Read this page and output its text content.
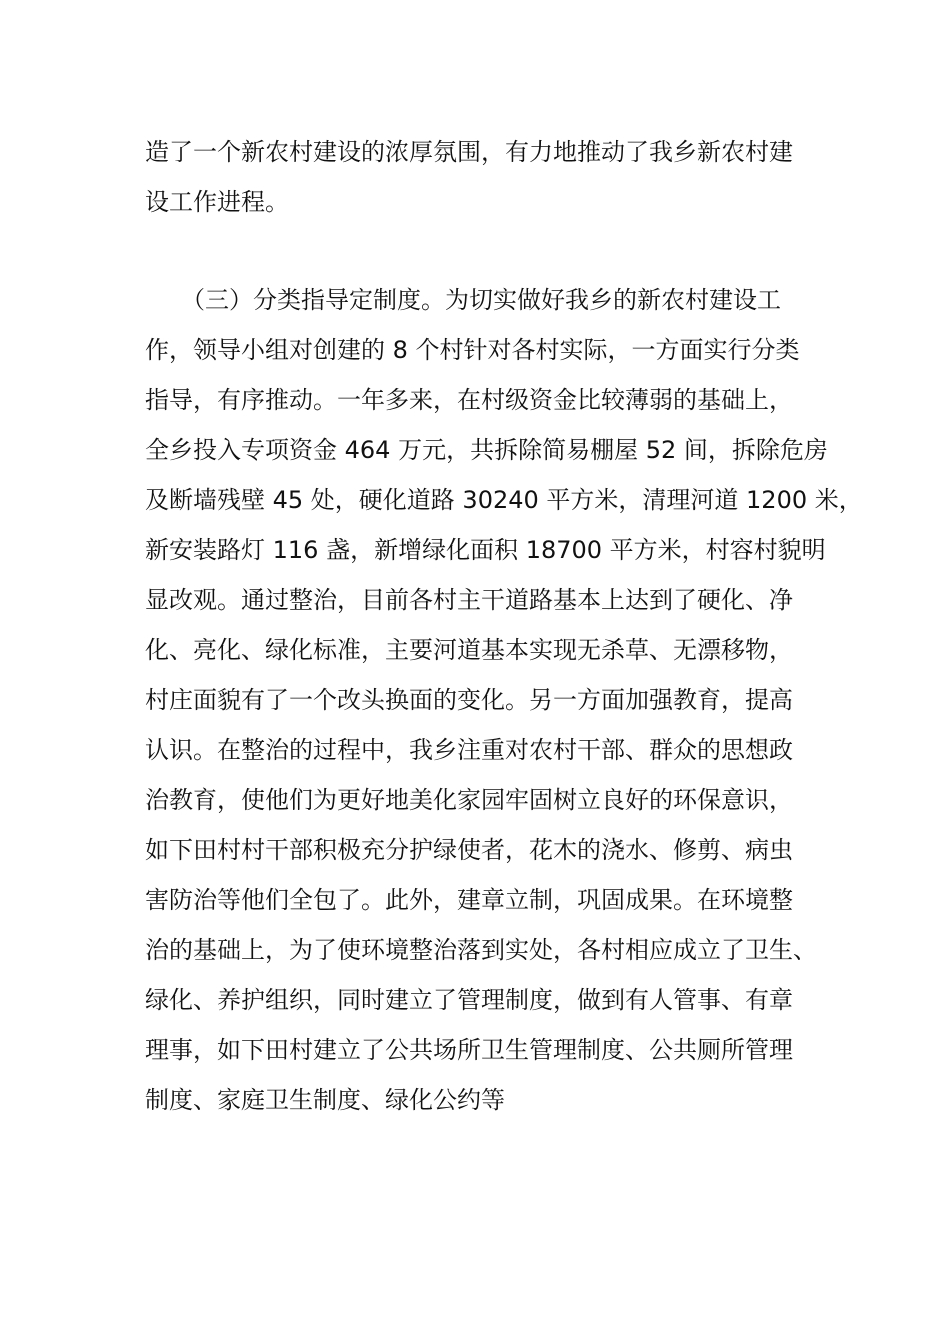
造了一个新农村建设的浓厚氛围，有力地推动了我乡新农村建
设工作进程。
　　（三）分类指导定制度。为切实做好我乡的新农村建设工
作，领导小组对创建的 8 个村针对各村实际，一方面实行分类
指导，有序推动。一年多来，在村级资金比较薄弱的基础上，
全乡投入专项资金 464 万元，共拆除简易棚屋 52 间，拆除危房
及断墙残壁 45 处，硬化道路 30240 平方米，清理河道 1200 米，
新安装路灯 116 盏，新增绿化面积 18700 平方米，村容村貌明
显改观。通过整治，目前各村主干道路基本上达到了硬化、净
化、亮化、绿化标准，主要河道基本实现无杀草、无漂移物，
村庄面貌有了一个改头换面的变化。另一方面加强教育，提高
认识。在整治的过程中，我乡注重对农村干部、群众的思想政
治教育，使他们为更好地美化家园牢固树立良好的环保意识，
如下田村村干部积极充分护绿使者，花木的浇水、修剪、病虫
害防治等他们全包了。此外，建章立制，巩固成果。在环境整
治的基础上，为了使环境整治落到实处，各村相应成立了卫生、
绿化、养护组织，同时建立了管理制度，做到有人管事、有章
理事，如下田村建立了公共场所卫生管理制度、公共厕所管理
制度、家庭卫生制度、绿化公约等
